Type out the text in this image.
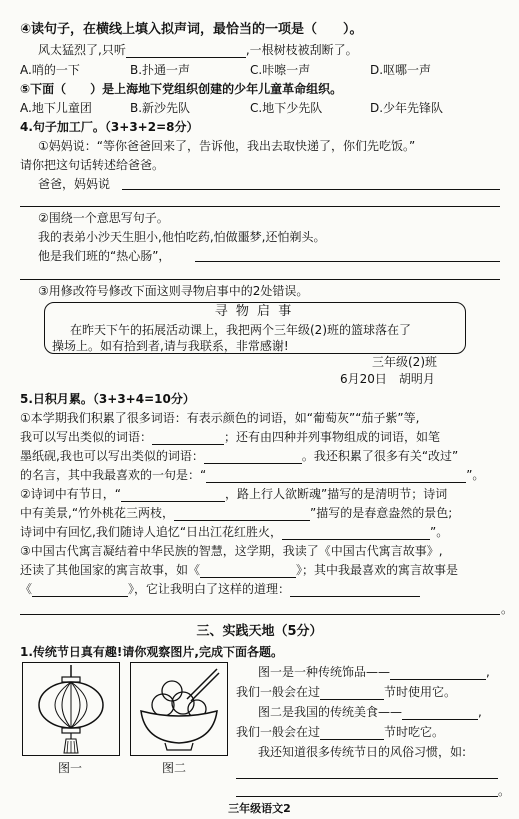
④读句子，在横线上填入拟声词，最恰当的一项是（　　）。
风太猛烈了,只听	,一根树枝被刮断了。
A.哨的一下	B.扑通一声	C.咔嚓一声	D.呕哪一声
⑤下面（　　）是上海地下党组织创建的少年儿童革命组织。
A.地下儿童团	B.新沙先队	C.地下少先队	D.少年先锋队
4.句子加工厂。（3+3+2=8分）
①妈妈说：“等你爸爸回来了，告诉他，我出去取快递了，你们先吃饭。”
请你把这句话转述给爸爸。
爸爸，妈妈说
②围绕一个意思写句子。
我的表弟小沙天生胆小,他怕吃药,怕做噩梦,还怕剃头。
他是我们班的“热心肠”，
③用修改符号修改下面这则寻物启事中的2处错误。
寻 物 启 事
在昨天下午的拓展活动课上，我把两个三年级(2)班的篮球落在了
操场上。如有拾到者,请与我联系，非常感谢!
三年级(2)班
6月20日　胡明月
5.日积月累。（3+3+4=10分）
①本学期我们积累了很多词语：有表示颜色的词语，如“葡萄灰”“茄子紫”等,
我可以写出类似的词语：	；还有由四种并列事物组成的词语，如笔
墨纸砚,我也可以写出类似的词语：	。我还积累了很多有关“改过”
的名言，其中我最喜欢的一句是：“	”。
②诗词中有节日，“	，路上行人欲断魂”描写的是清明节；诗词
中有美景,“竹外桃花三两枝，	”描写的是春意盎然的景色;
诗词中有回忆,我们随诗人追忆“日出江花红胜火，	”。
③中国古代寓言凝结着中华民族的智慧，这学期，我读了《中国古代寓言故事》,
还读了其他国家的寓言故事，如《	》；其中我最喜欢的寓言故事是
《	》，它让我明白了这样的道理：
。
三、实践天地（5分）
1.传统节日真有趣!请你观察图片,完成下面各题。
图一	图二
图一是一种传统饰品——	,
我们一般会在过	节时使用它。
图二是我国的传统美食——	,
我们一般会在过	节时吃它。
我还知道很多传统节日的风俗习惯，如:
。
三年级语文2
